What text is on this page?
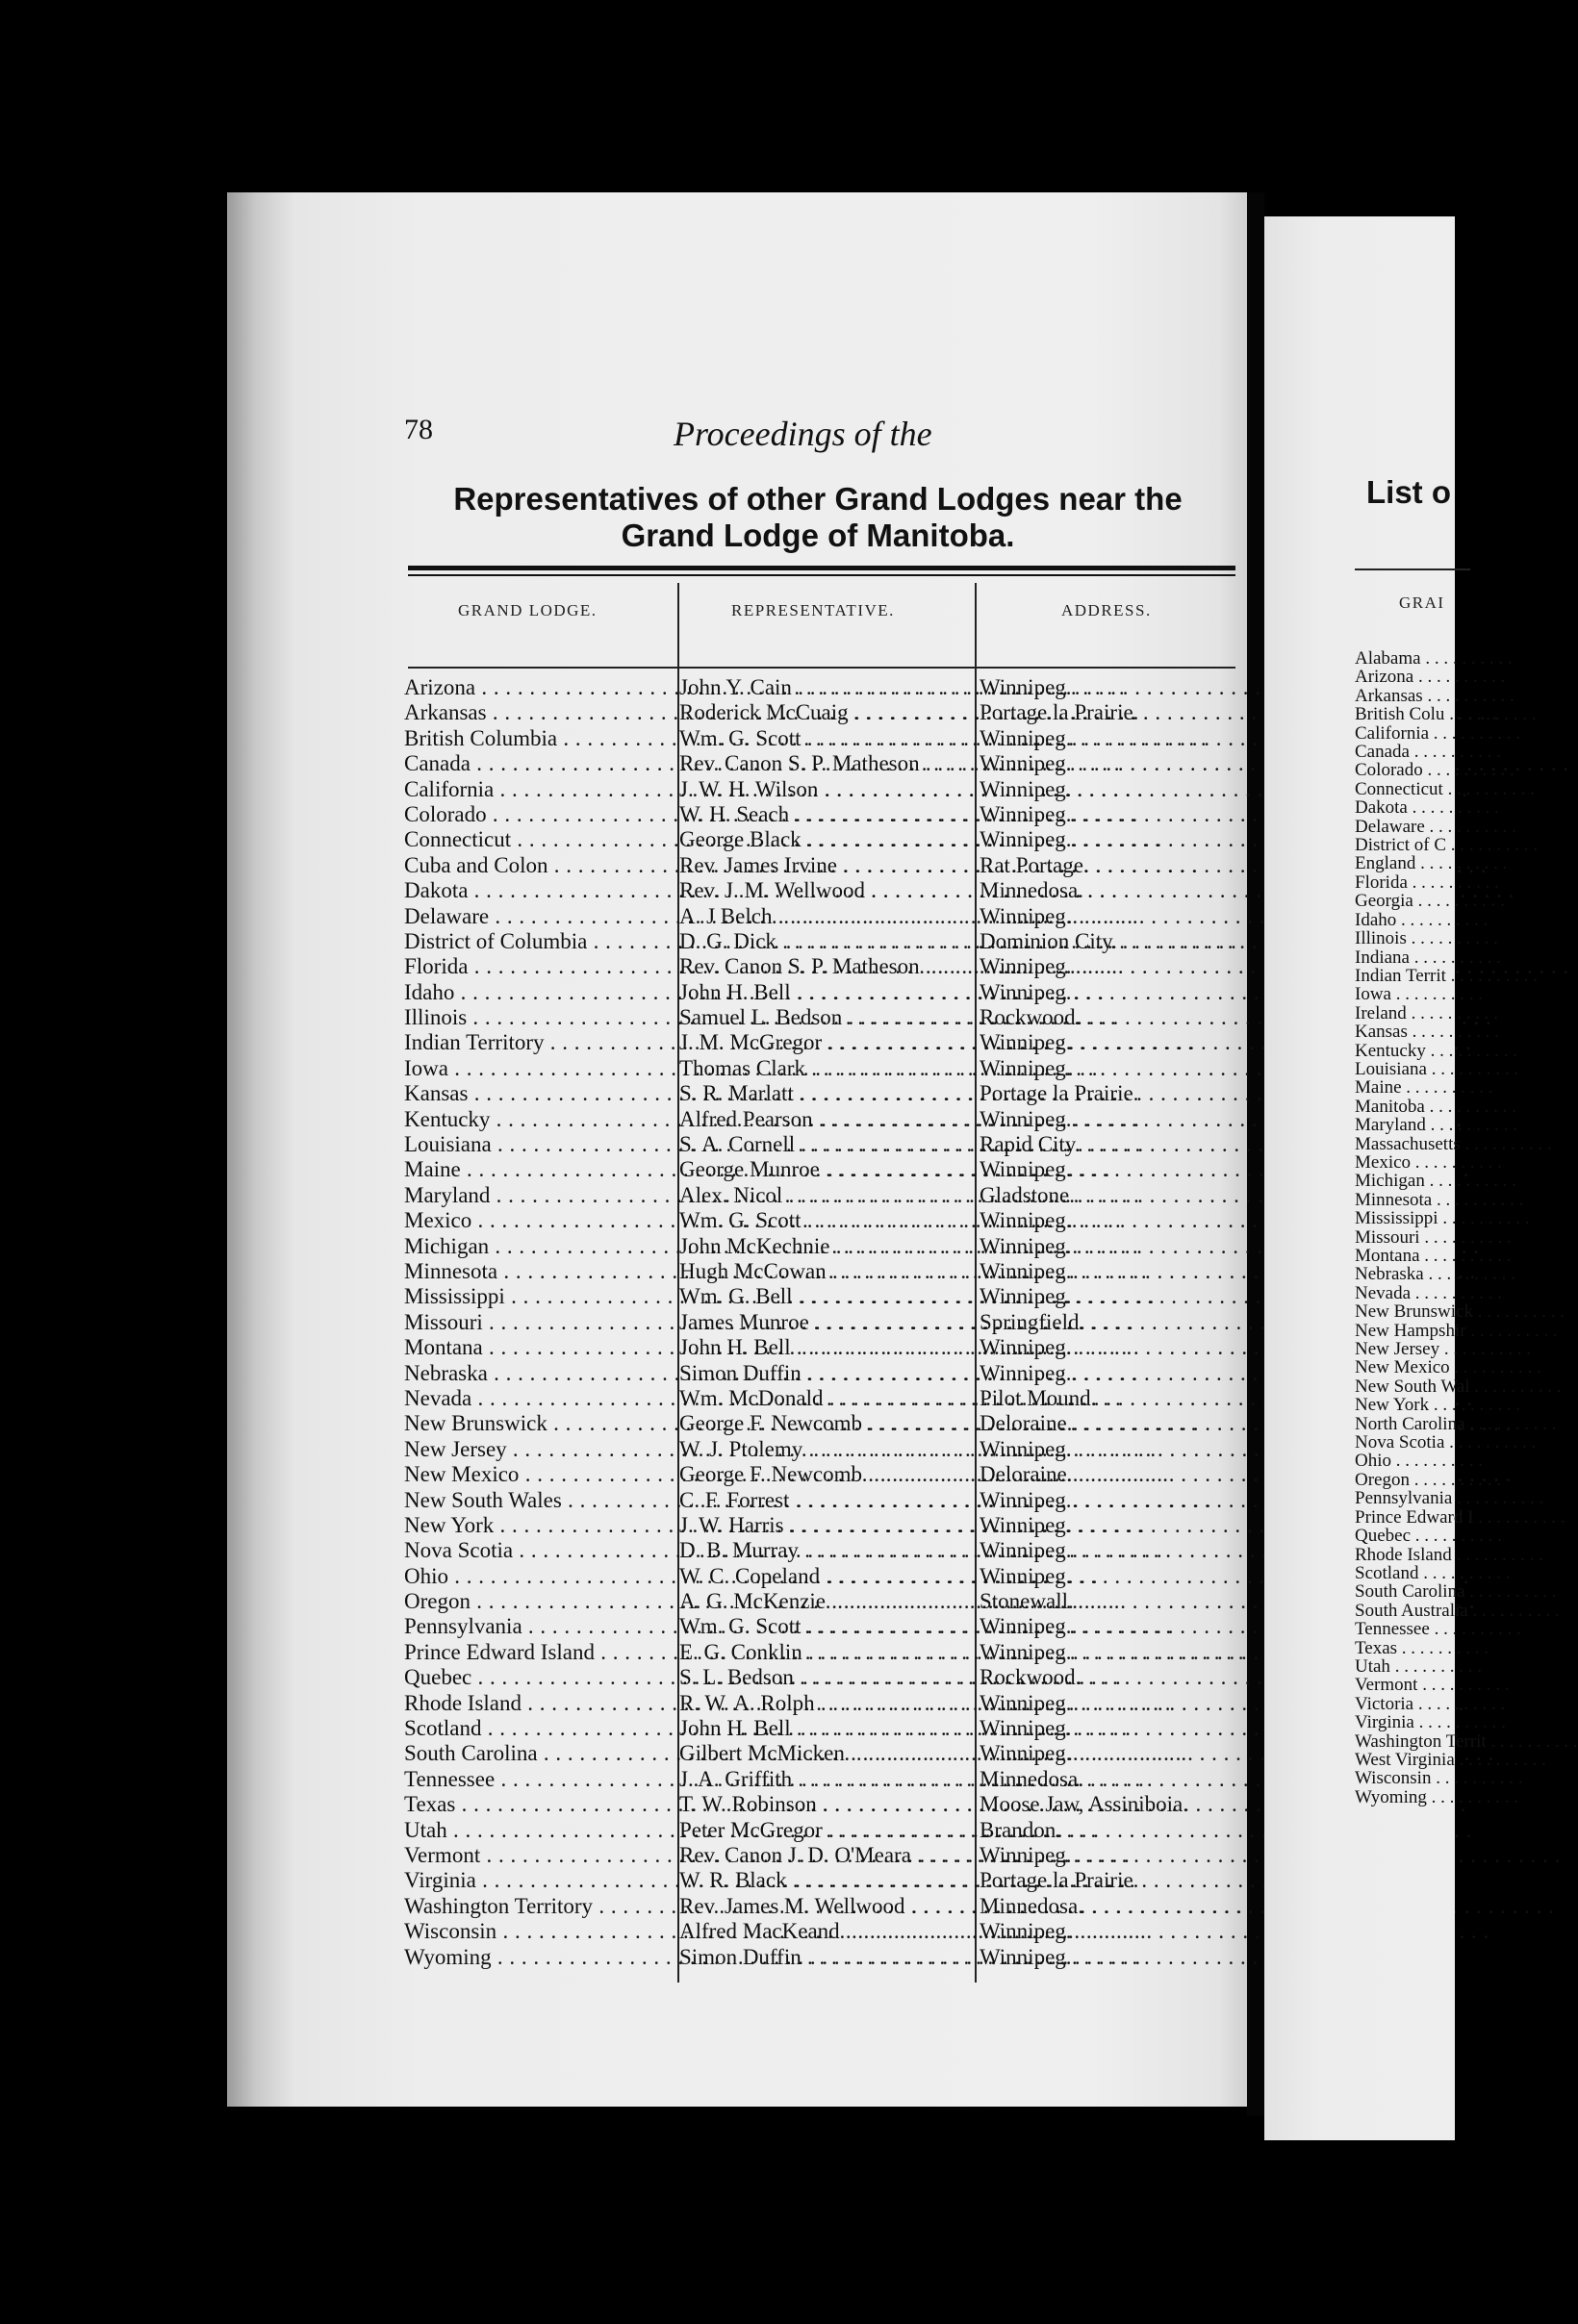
78	Proceedings of the
Representatives of other Grand Lodges near the
Grand Lodge of Manitoba.
GRAND LODGE.	REPRESENTATIVE.	ADDRESS.
Arizona . . .	John Y. Cain . . .	Winnipeg.
Arkansas . . .	Roderick McCuaig . . .	Portage la Prairie.
British Columbia . . .	Wm. G. Scott . . .	Winnipeg.
Canada . . .	Rev. Canon S. P. Matheson . . .	Winnipeg.
California . . .	J. W. H. Wilson . . .	Winnipeg.
Colorado . . .	W. H. Seach . . .	Winnipeg.
Connecticut . . .	George Black . . .	Winnipeg.
Cuba and Colon . . .	Rev. James Irvine . . .	Rat Portage.
Dakota . . .	Rev. J. M. Wellwood . . .	Minnedosa.
Delaware . . .	A. J Belch . . .	Winnipeg.
District of Columbia . . .	D. G. Dick . . .	Dominion City.
Florida . . .	Rev. Canon S. P. Matheson . . .	Winnipeg.
Idaho . . .	John H. Bell . . .	Winnipeg.
Illinois . . .	Samuel L. Bedson . . .	Rockwood.
Indian Territory . . .	J. M. McGregor . . .	Winnipeg.
Iowa . . .	Thomas Clark . . .	Winnipeg.
Kansas . . .	S. R. Marlatt . . .	Portage la Prairie.
Kentucky . . .	Alfred Pearson . . .	Winnipeg.
Louisiana . . .	S. A. Cornell . . .	Rapid City.
Maine . . .	George Munroe . . .	Winnipeg.
Maryland . . .	Alex. Nicol . . .	Gladstone.
Mexico . . .	Wm. G. Scott . . .	Winnipeg.
Michigan . . .	John McKechnie . . .	Winnipeg.
Minnesota . . .	Hugh McCowan . . .	Winnipeg.
Mississippi . . .	Wm. G. Bell . . .	Winnipeg.
Missouri . . .	James Munroe . . .	Springfield.
Montana . . .	John H. Bell . . .	Winnipeg.
Nebraska . . .	Simon Duffin . . .	Winnipeg.
Nevada . . .	Wm. McDonald . . .	Pilot Mound.
New Brunswick . . .	George F. Newcomb . . .	Deloraine.
New Jersey . . .	W. J. Ptolemy . . .	Winnipeg.
New Mexico . . .	George F. Newcomb . . .	Deloraine.
New South Wales . . .	C. F. Forrest . . .	Winnipeg.
New York . . .	J. W. Harris . . .	Winnipeg.
Nova Scotia . . .	D. B. Murray . . .	Winnipeg.
Ohio . . .	W. C. Copeland . . .	Winnipeg.
Oregon . . .	A. G. McKenzie . . .	Stonewall.
Pennsylvania . . .	Wm. G. Scott . . .	Winnipeg.
Prince Edward Island . . .	E. G. Conklin . . .	Winnipeg.
Quebec . . .	S. L. Bedson . . .	Rockwood.
Rhode Island . . .	R. W. A. Rolph . . .	Winnipeg.
Scotland . . .	John H. Bell . . .	Winnipeg.
South Carolina . . .	Gilbert McMicken . . .	Winnipeg.
Tennessee . . .	J. A. Griffith . . .	Minnedosa.
Texas . . .	T. W. Robinson . . .	Moose Jaw, Assiniboia.
Utah . . .	Peter McGregor . . .	Brandon.
Vermont . . .	Rev. Canon J. D. O'Meara . . .	Winnipeg.
Virginia . . .	W. R. Black . . .	Portage la Prairie.
Washington Territory . . .	Rev. James M. Wellwood . . .	Minnedosa.
Wisconsin . . .	Alfred MacKeand . . .	Winnipeg.
Wyoming . . .	Simon Duffin . . .	Winnipeg.
List o
GRAI
Alabama . . .
Arizona . . .
Arkansas . . .
British Colu . . .
California . . .
Canada . . .
Colorado . . .
Connecticut . . .
Dakota . . .
Delaware . . .
District of C . . .
England . . .
Florida . . .
Georgia . . .
Idaho . . .
Illinois . . .
Indiana . . .
Indian Territ . . .
Iowa . . .
Ireland . . .
Kansas . . .
Kentucky . . .
Louisiana . . .
Maine . . .
Manitoba . . .
Maryland . . .
Massachusetts . . .
Mexico . . .
Michigan . . .
Minnesota . . .
Mississippi . . .
Missouri . . .
Montana . . .
Nebraska . . .
Nevada . . .
New Brunswick . . .
New Hampshir . . .
New Jersey . . .
New Mexico . . .
New South Wal . . .
New York . . .
North Carolina . . .
Nova Scotia . . .
Ohio . . .
Oregon . . .
Pennsylvania . . .
Prince Edward I . . .
Quebec . . .
Rhode Island . . .
Scotland . . .
South Carolina . . .
South Australia . . .
Tennessee . . .
Texas . . .
Utah . . .
Vermont . . .
Victoria . . .
Virginia . . .
Washington Territ . . .
West Virginia . . .
Wisconsin . . .
Wyoming . . .
